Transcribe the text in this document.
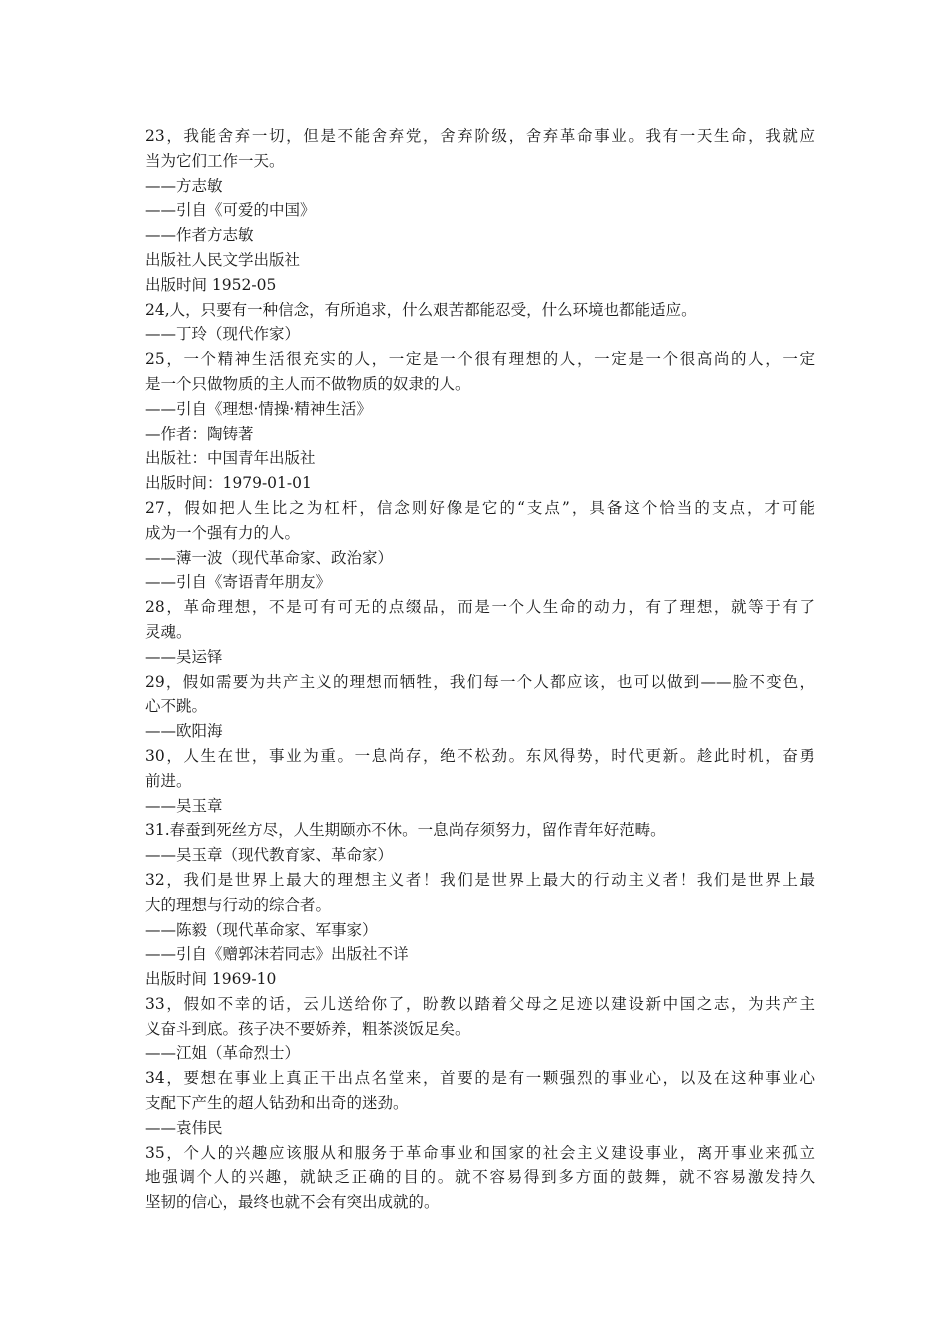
23，我能舍弃一切，但是不能舍弃党，舍弃阶级，舍弃革命事业。我有一天生命，我就应
当为它们工作一天。
——方志敏
——引自《可爱的中国》
——作者方志敏
出版社人民文学出版社
出版时间 1952-05
24,人，只要有一种信念，有所追求，什么艰苦都能忍受，什么环境也都能适应。
——丁玲（现代作家）
25，一个精神生活很充实的人，一定是一个很有理想的人，一定是一个很高尚的人，一定
是一个只做物质的主人而不做物质的奴隶的人。
——引自《理想·情操·精神生活》
—作者：陶铸著
出版社：中国青年出版社
出版时间：1979-01-01
27，假如把人生比之为杠杆，信念则好像是它的“支点”，具备这个恰当的支点，才可能
成为一个强有力的人。
——薄一波（现代革命家、政治家）
——引自《寄语青年朋友》
28，革命理想，不是可有可无的点缀品，而是一个人生命的动力，有了理想，就等于有了
灵魂。
——吴运铎
29，假如需要为共产主义的理想而牺牲，我们每一个人都应该，也可以做到——脸不变色，
心不跳。
——欧阳海
30，人生在世，事业为重。一息尚存，绝不松劲。东风得势，时代更新。趁此时机，奋勇
前进。
——吴玉章
31.春蚕到死丝方尽，人生期颐亦不休。一息尚存须努力，留作青年好范畴。
——吴玉章（现代教育家、革命家）
32，我们是世界上最大的理想主义者！我们是世界上最大的行动主义者！我们是世界上最
大的理想与行动的综合者。
——陈毅（现代革命家、军事家）
——引自《赠郭沫若同志》出版社不详
出版时间 1969-10
33，假如不幸的话，云儿送给你了，盼教以踏着父母之足迹以建设新中国之志，为共产主
义奋斗到底。孩子决不要娇养，粗茶淡饭足矣。
——江姐（革命烈士）
34，要想在事业上真正干出点名堂来，首要的是有一颗强烈的事业心，以及在这种事业心
支配下产生的超人钻劲和出奇的迷劲。
——袁伟民
35，个人的兴趣应该服从和服务于革命事业和国家的社会主义建设事业，离开事业来孤立
地强调个人的兴趣，就缺乏正确的目的。就不容易得到多方面的鼓舞，就不容易激发持久
坚韧的信心，最终也就不会有突出成就的。
